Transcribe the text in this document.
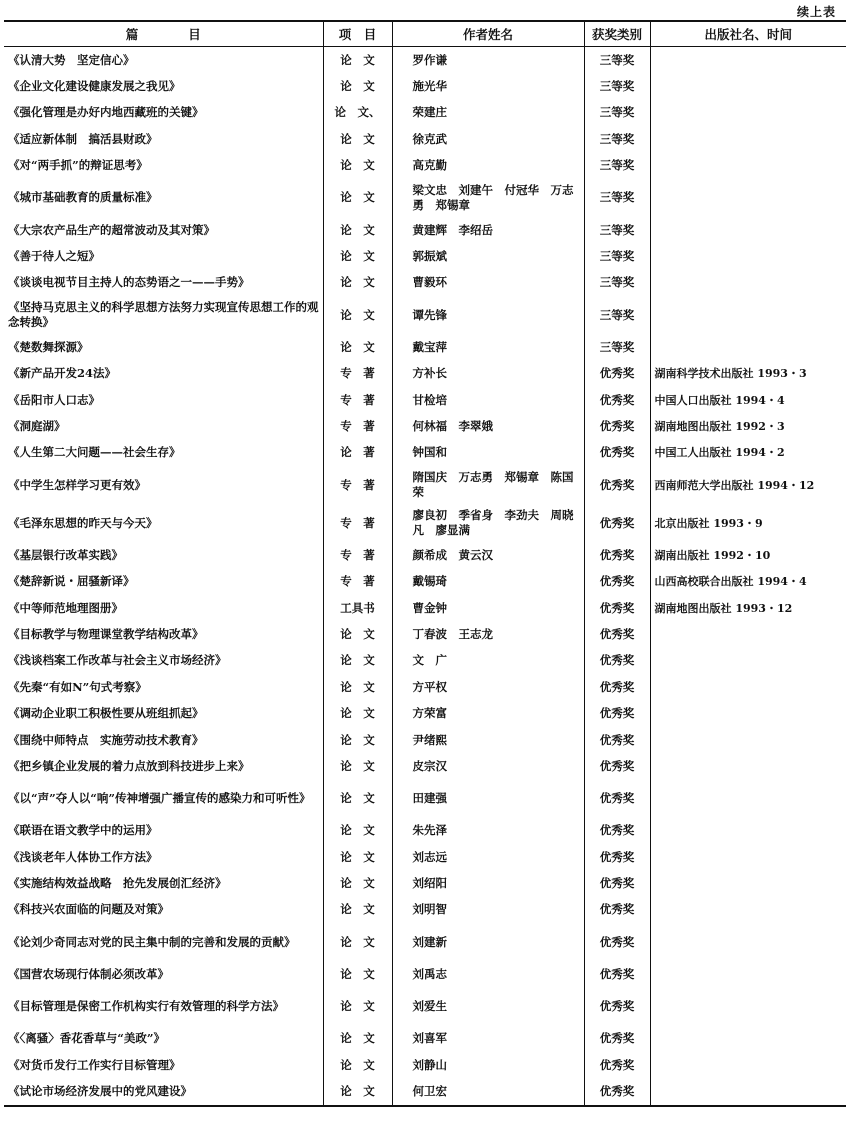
续上表
篇　　　　目	项　目	作者姓名	获奖类别	出版社名、时间
《认清大势　坚定信心》	论　文	罗作谦	三等奖	
《企业文化建设健康发展之我见》	论　文	施光华	三等奖	
《强化管理是办好内地西藏班的关键》	论　文、	荣建庄	三等奖	
《适应新体制　搞活县财政》	论　文	徐克武	三等奖	
《对“两手抓”的辩证思考》	论　文	高克勤	三等奖	
《城市基础教育的质量标准》	论　文	梁文忠　刘建午　付冠华　万志勇　郑锡章	三等奖	
《大宗农产品生产的超常波动及其对策》	论　文	黄建辉　李绍岳	三等奖	
《善于待人之短》	论　文	郭振斌	三等奖	
《谈谈电视节目主持人的态势语之一——手势》	论　文	曹毅环	三等奖	
《坚持马克思主义的科学思想方法努力实现宣传思想工作的观念转换》	论　文	谭先锋	三等奖	
《楚数舞探源》	论　文	戴宝萍	三等奖	
《新产品开发24法》	专　著	方补长	优秀奖	湖南科学技术出版社 1993・3
《岳阳市人口志》	专　著	甘检培	优秀奖	中国人口出版社 1994・4
《洞庭湖》	专　著	何林福　李翠娥	优秀奖	湖南地图出版社 1992・3
《人生第二大问题——社会生存》	论　著	钟国和	优秀奖	中国工人出版社 1994・2
《中学生怎样学习更有效》	专　著	隋国庆　万志勇　郑锡章　陈国荣	优秀奖	西南师范大学出版社 1994・12
《毛泽东思想的昨天与今天》	专　著	廖良初　季省身　李劲夫　周晓凡　廖显满	优秀奖	北京出版社 1993・9
《基层银行改革实践》	专　著	颜希成　黄云汉	优秀奖	湖南出版社 1992・10
《楚辞新说・屈骚新译》	专　著	戴锡琦	优秀奖	山西高校联合出版社 1994・4
《中等师范地理图册》	工具书	曹金钟	优秀奖	湖南地图出版社 1993・12
《目标教学与物理课堂教学结构改革》	论　文	丁春波　王志龙	优秀奖	
《浅谈档案工作改革与社会主义市场经济》	论　文	文　广	优秀奖	
《先秦“有如N”句式考察》	论　文	方平权	优秀奖	
《调动企业职工积极性要从班组抓起》	论　文	方荣富	优秀奖	
《围绕中师特点　实施劳动技术教育》	论　文	尹绪熙	优秀奖	
《把乡镇企业发展的着力点放到科技进步上来》	论　文	皮宗汉	优秀奖	
《以“声”夺人以“响”传神增强广播宣传的感染力和可听性》	论　文	田建强	优秀奖	
《联语在语文教学中的运用》	论　文	朱先泽	优秀奖	
《浅谈老年人体协工作方法》	论　文	刘志远	优秀奖	
《实施结构效益战略　抢先发展创汇经济》	论　文	刘绍阳	优秀奖	
《科技兴农面临的问题及对策》	论　文	刘明智	优秀奖	
《论刘少奇同志对党的民主集中制的完善和发展的贡献》	论　文	刘建新	优秀奖	
《国营农场现行体制必须改革》	论　文	刘禹志	优秀奖	
《目标管理是保密工作机构实行有效管理的科学方法》	论　文	刘爱生	优秀奖	
《〈离骚〉香花香草与“美政”》	论　文	刘喜军	优秀奖	
《对货币发行工作实行目标管理》	论　文	刘静山	优秀奖	
《试论市场经济发展中的党风建设》	论　文	何卫宏	优秀奖	
